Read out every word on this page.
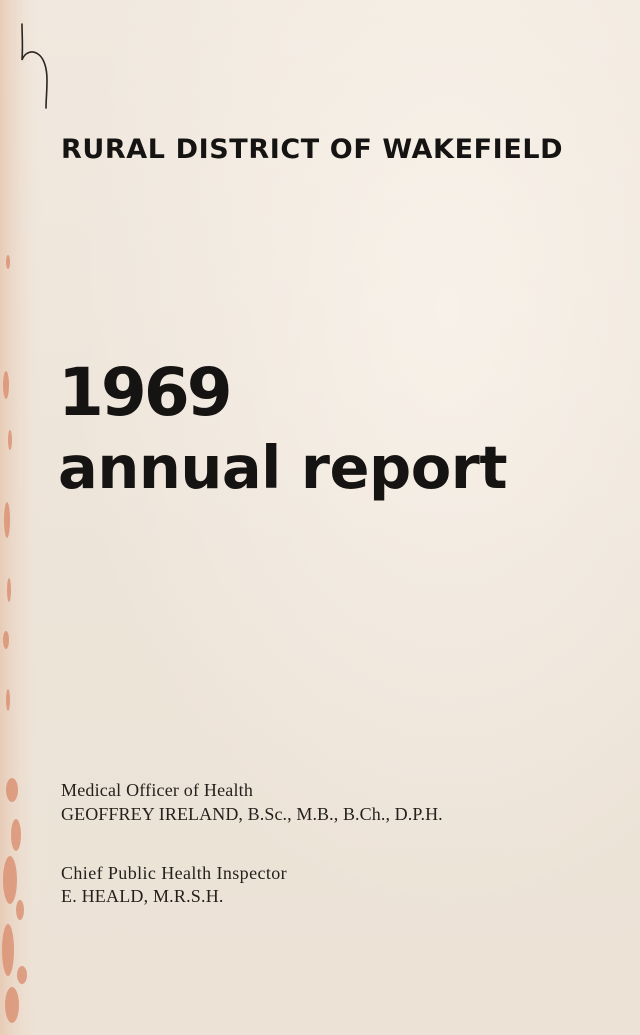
RURAL DISTRICT OF WAKEFIELD
1969
annual report

Medical Officer of Health

GEOFFREY IRELAND, B.Sc., M.B., B.Ch., D.P.H.

Chief Public Health Inspector

E. HEALD, M.R.S.H.
